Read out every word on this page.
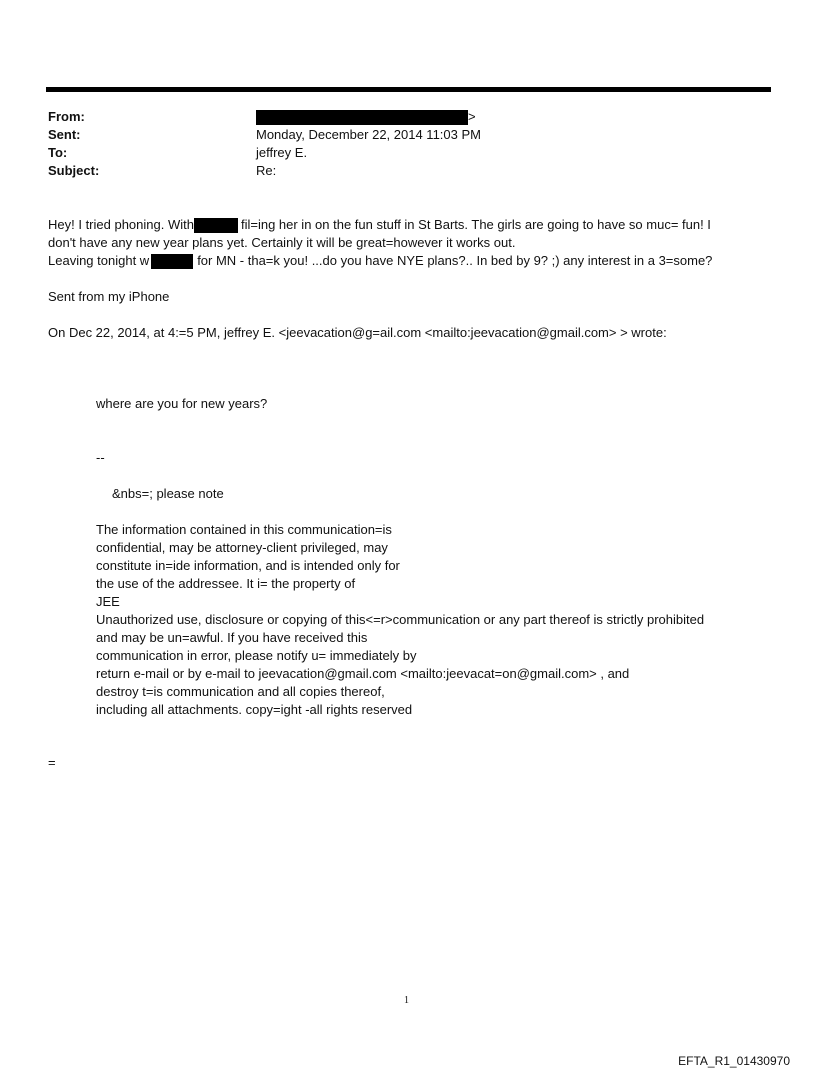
From:	>
Sent:	Monday, December 22, 2014 11:03 PM
To:	jeffrey E.
Subject:	Re:
Hey! I tried phoning. With	fil=ing her in on the fun stuff in St Barts. The girls are going to have so muc= fun! I
don't have any new year plans yet. Certainly it will be great=however it works out.
Leaving tonight w	for MN - tha=k you! ...do you have NYE plans?.. In bed by 9? ;) any interest in a 3=some?
Sent from my iPhone
On Dec 22, 2014, at 4:=5 PM, jeffrey E. <jeevacation@g=ail.com <mailto:jeevacation@gmail.com> > wrote:
where are you for new years?
--
&nbs=; please note
The information contained in this communication=is
confidential, may be attorney-client privileged, may
constitute in=ide information, and is intended only for
the use of the addressee. It i= the property of
JEE
Unauthorized use, disclosure or copying of this<=r>communication or any part thereof is strictly prohibited
and may be un=awful. If you have received this
communication in error, please notify u= immediately by
return e-mail or by e-mail to jeevacation@gmail.com <mailto:jeevacat=on@gmail.com> , and
destroy t=is communication and all copies thereof,
including all attachments. copy=ight -all rights reserved
=
1
EFTA_R1_01430970
